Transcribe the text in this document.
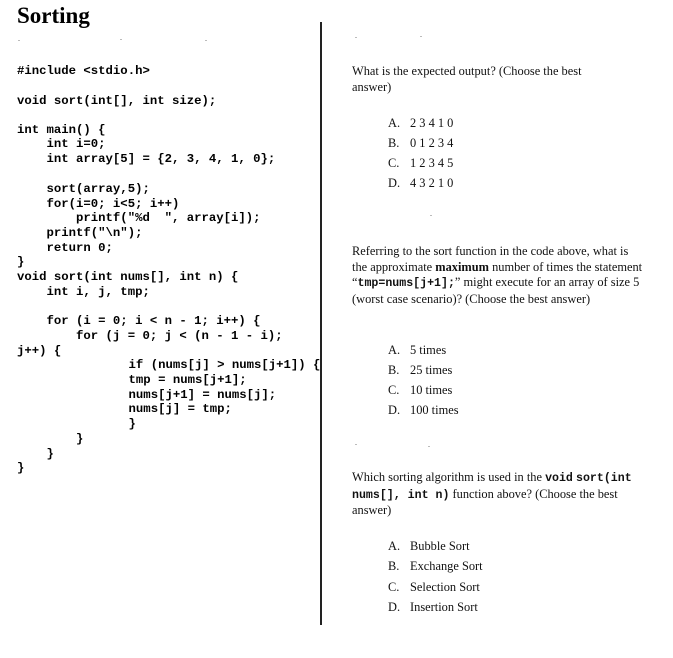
Sorting
#include <stdio.h>
void sort(int[], int size);
int main() {
int i=0;
int array[5] = {2, 3, 4, 1, 0};
sort(array,5);
for(i=0; i<5; i++)
printf("%d  ", array[i]);
printf("\n");
return 0;
}
void sort(int nums[], int n) {
int i, j, tmp;
for (i = 0; i < n - 1; i++) {
for (j = 0; j < (n - 1 - i);
j++) {
if (nums[j] > nums[j+1]) {
tmp = nums[j+1];
nums[j+1] = nums[j];
nums[j] = tmp;
}
}
}
}
What is the expected output? (Choose the best answer)
A. 2 3 4 1 0
B. 0 1 2 3 4
C. 1 2 3 4 5
D. 4 3 2 1 0
Referring to the sort function in the code above, what is the approximate maximum number of times the statement “tmp=nums[j+1];” might execute for an array of size 5 (worst case scenario)? (Choose the best answer)
A. 5 times
B. 25 times
C. 10 times
D. 100 times
Which sorting algorithm is used in the void sort(int nums[], int n) function above? (Choose the best answer)
A. Bubble Sort
B. Exchange Sort
C. Selection Sort
D. Insertion Sort
